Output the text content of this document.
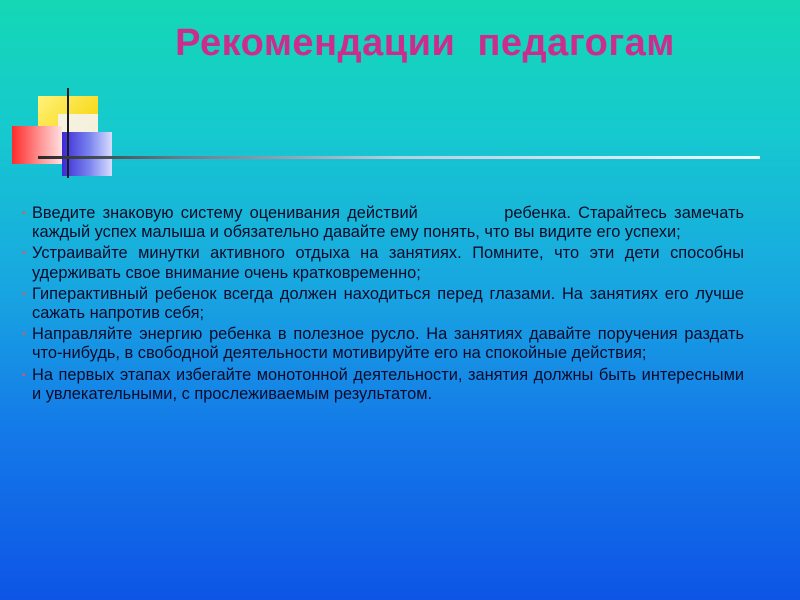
Рекомендации  педагогам
• Введите знаковую систему оценивания действий            ребенка. Старайтесь замечать каждый успех малыша и обязательно давайте ему понять, что вы видите его успехи;
• Устраивайте минутки активного отдыха на занятиях. Помните, что эти дети способны удерживать свое внимание очень кратковременно;
• Гиперактивный ребенок всегда должен находиться перед глазами. На занятиях его лучше сажать напротив себя;
• Направляйте энергию ребенка в полезное русло. На занятиях давайте поручения раздать что-нибудь, в свободной деятельности мотивируйте его на спокойные действия;
• На первых этапах избегайте монотонной деятельности, занятия должны быть интересными и увлекательными, с прослеживаемым результатом.
